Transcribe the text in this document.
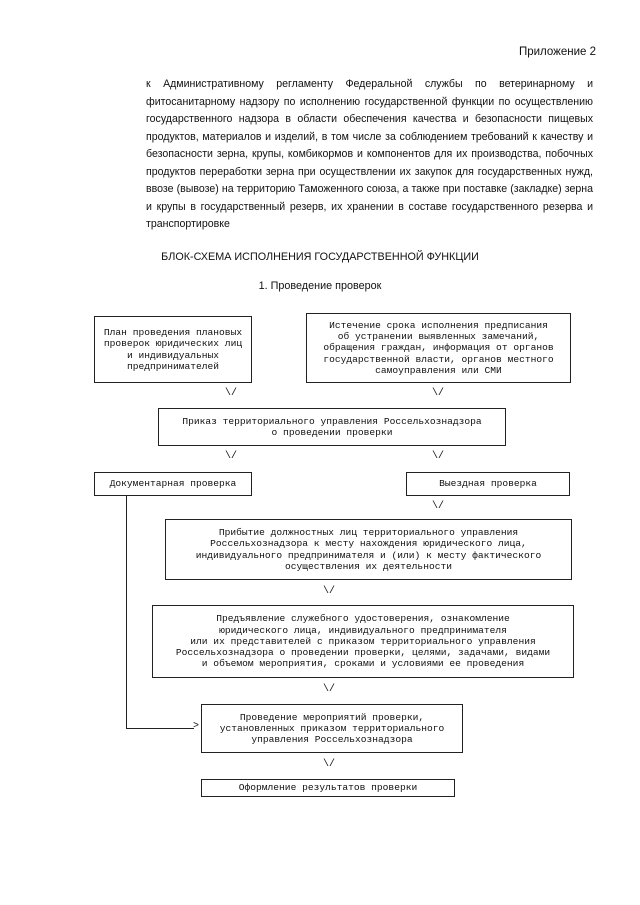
Приложение 2
к Административному регламенту Федеральной службы по ветеринарному и фитосанитарному надзору по исполнению государственной функции по осуществлению государственного надзора в области обеспечения качества и безопасности пищевых продуктов, материалов и изделий, в том числе за соблюдением требований к качеству и безопасности зерна, крупы, комбикормов и компонентов для их производства, побочных продуктов переработки зерна при осуществлении их закупок для государственных нужд, ввозе (вывозе) на территорию Таможенного союза, а также при поставке (закладке) зерна и крупы в государственный резерв, их хранении в составе государственного резерва и транспортировке
БЛОК-СХЕМА ИСПОЛНЕНИЯ ГОСУДАРСТВЕННОЙ ФУНКЦИИ
1. Проведение проверок
План проведения плановых
проверок юридических лиц
и индивидуальных
предпринимателей
Истечение срока исполнения предписания
об устранении выявленных замечаний,
обращения граждан, информация от органов
государственной власти, органов местного
самоуправления или СМИ
\/	\/
Приказ территориального управления Россельхознадзора
о проведении проверки
\/	\/
Документарная проверка	Выездная проверка
\/
Прибытие должностных лиц территориального управления
Россельхознадзора к месту нахождения юридического лица,
индивидуального предпринимателя и (или) к месту фактического
осуществления их деятельности
\/
Предъявление служебного удостоверения, ознакомление
юридического лица, индивидуального предпринимателя
или их представителей с приказом территориального управления
Россельхознадзора о проведении проверки, целями, задачами, видами
и объемом мероприятия, сроками и условиями ее проведения
\/
>
Проведение мероприятий проверки,
установленных приказом территориального
управления Россельхознадзора
\/
Оформление результатов проверки
